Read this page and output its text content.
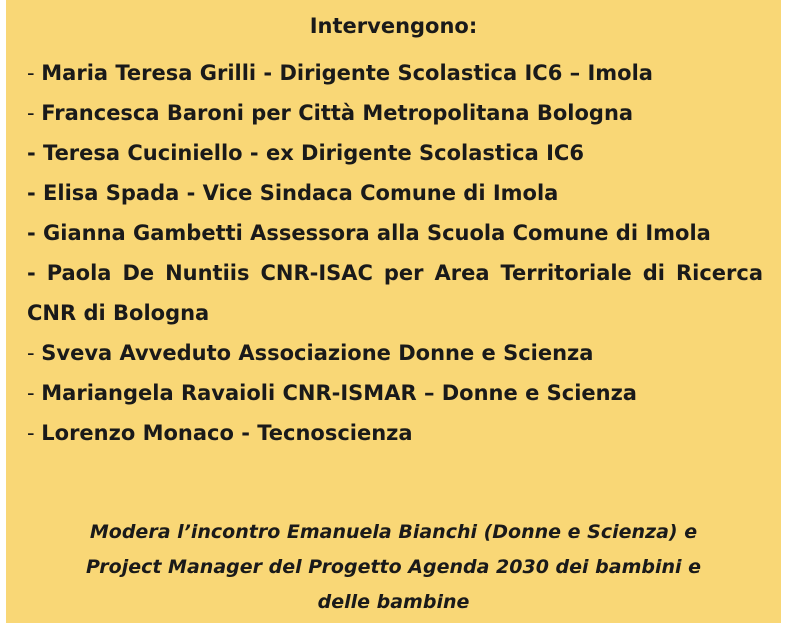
Intervengono:
- Maria Teresa Grilli - Dirigente Scolastica IC6 – Imola
- Francesca Baroni per Città Metropolitana Bologna
- Teresa Cuciniello - ex Dirigente Scolastica IC6
- Elisa Spada - Vice Sindaca Comune di Imola
- Gianna Gambetti Assessora alla Scuola Comune di Imola
- Paola De Nuntiis CNR-ISAC per Area Territoriale di Ricerca CNR di Bologna
- Sveva Avveduto Associazione Donne e Scienza
- Mariangela Ravaioli CNR-ISMAR – Donne e Scienza
- Lorenzo Monaco - Tecnoscienza
Modera l’incontro Emanuela Bianchi (Donne e Scienza) e
Project Manager del Progetto Agenda 2030 dei bambini e
delle bambine
